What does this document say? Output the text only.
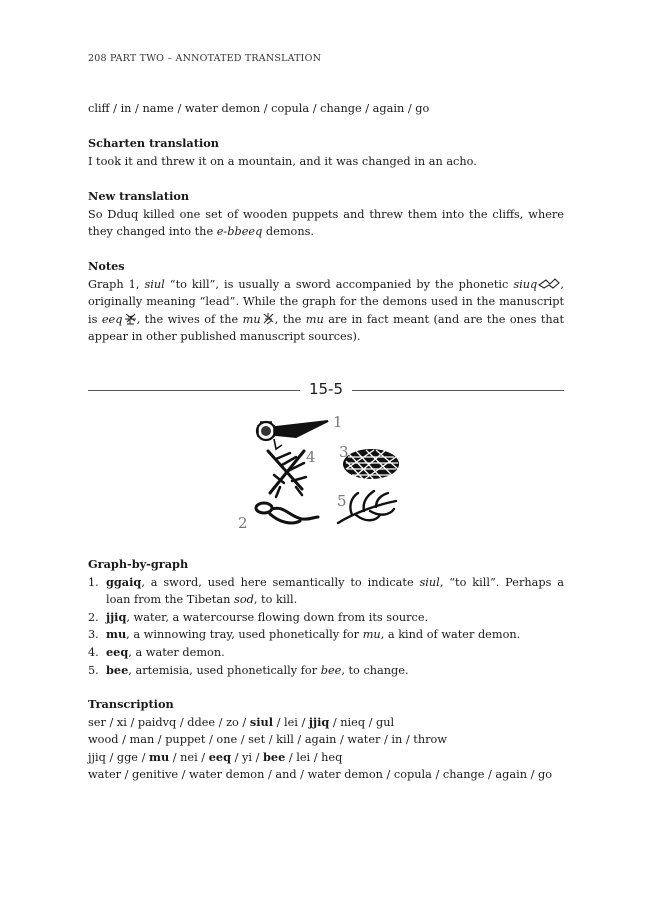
208 PART TWO – ANNOTATED TRANSLATION
cliff / in / name / water demon / copula / change / again / go
Scharten translation
I took it and threw it on a mountain, and it was changed in an acho.
New translation
So Dduq killed one set of wooden puppets and threw them into the cliffs, where they changed into the e-bbeeq demons.
Notes
Graph 1, siul “to kill”, is usually a sword accompanied by the phonetic siuq  , originally meaning “lead”. While the graph for the demons used in the manuscript is eeq  , the wives of the mu  , the mu are in fact meant (and are the ones that appear in other published manuscript sources).
15-5
1
2
3
4
5
Graph-by-graph
1. ggaiq, a sword, used here semantically to indicate siul, “to kill”. Perhaps a loan from the Tibetan sod, to kill.
2. jjiq, water, a watercourse flowing down from its source.
3. mu, a winnowing tray, used phonetically for mu, a kind of water demon.
4. eeq, a water demon.
5. bee, artemisia, used phonetically for bee, to change.
Transcription
ser / xi / paidvq / ddee / zo / siul / lei / jjiq / nieq / gul
wood / man / puppet / one / set / kill / again / water / in / throw
jjiq / gge / mu / nei / eeq / yi / bee / lei / heq
water / genitive / water demon / and / water demon / copula / change / again / go
